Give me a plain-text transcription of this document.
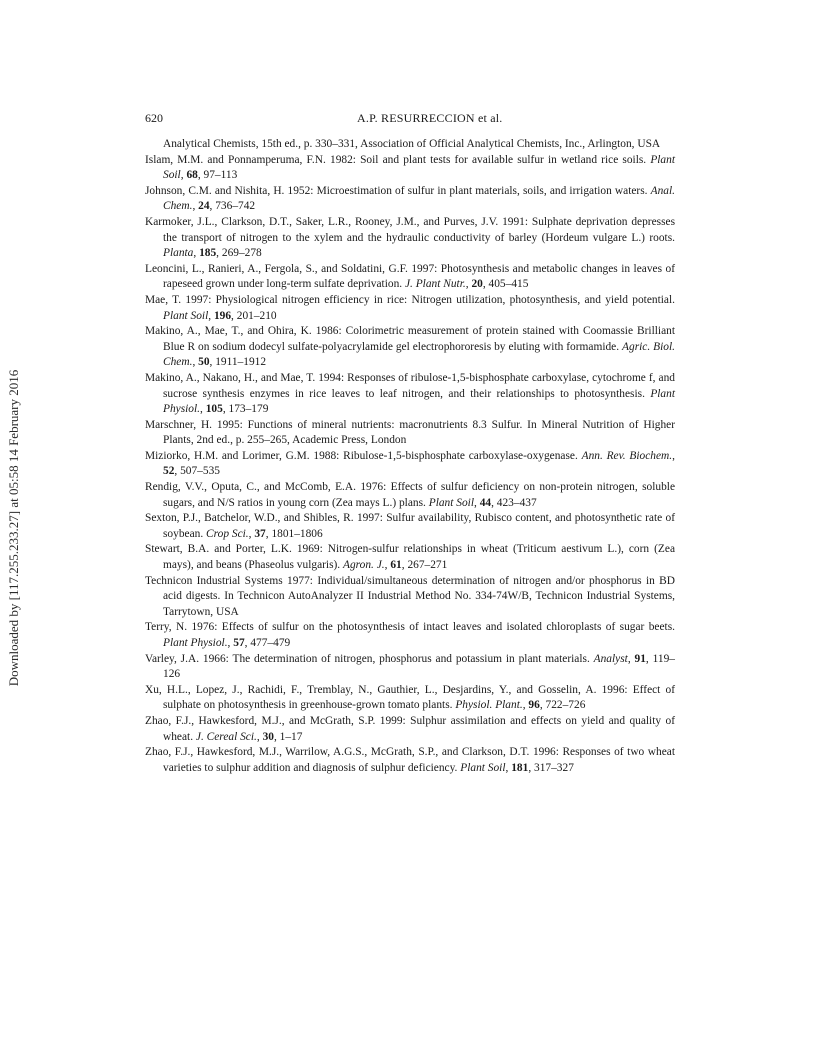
Downloaded by [117.255.233.27] at 05:58 14 February 2016
620	A.P. RESURRECCION et al.

Analytical Chemists, 15th ed., p. 330–331, Association of Official Analytical Chemists, Inc., Arlington, USA

Islam, M.M. and Ponnamperuma, F.N. 1982: Soil and plant tests for available sulfur in wetland rice soils. Plant Soil, 68, 97–113

Johnson, C.M. and Nishita, H. 1952: Microestimation of sulfur in plant materials, soils, and irrigation waters. Anal. Chem., 24, 736–742

Karmoker, J.L., Clarkson, D.T., Saker, L.R., Rooney, J.M., and Purves, J.V. 1991: Sulphate deprivation depresses the transport of nitrogen to the xylem and the hydraulic conductivity of barley (Hordeum vulgare L.) roots. Planta, 185, 269–278

Leoncini, L., Ranieri, A., Fergola, S., and Soldatini, G.F. 1997: Photosynthesis and metabolic changes in leaves of rapeseed grown under long-term sulfate deprivation. J. Plant Nutr., 20, 405–415

Mae, T. 1997: Physiological nitrogen efficiency in rice: Nitrogen utilization, photosynthesis, and yield potential. Plant Soil, 196, 201–210

Makino, A., Mae, T., and Ohira, K. 1986: Colorimetric measurement of protein stained with Coomassie Brilliant Blue R on sodium dodecyl sulfate-polyacrylamide gel electrophororesis by eluting with formamide. Agric. Biol. Chem., 50, 1911–1912

Makino, A., Nakano, H., and Mae, T. 1994: Responses of ribulose-1,5-bisphosphate carboxylase, cytochrome f, and sucrose synthesis enzymes in rice leaves to leaf nitrogen, and their relationships to photosynthesis. Plant Physiol., 105, 173–179

Marschner, H. 1995: Functions of mineral nutrients: macronutrients 8.3 Sulfur. In Mineral Nutrition of Higher Plants, 2nd ed., p. 255–265, Academic Press, London

Miziorko, H.M. and Lorimer, G.M. 1988: Ribulose-1,5-bisphosphate carboxylase-oxygenase. Ann. Rev. Biochem., 52, 507–535

Rendig, V.V., Oputa, C., and McComb, E.A. 1976: Effects of sulfur deficiency on non-protein nitrogen, soluble sugars, and N/S ratios in young corn (Zea mays L.) plans. Plant Soil, 44, 423–437

Sexton, P.J., Batchelor, W.D., and Shibles, R. 1997: Sulfur availability, Rubisco content, and photosynthetic rate of soybean. Crop Sci., 37, 1801–1806

Stewart, B.A. and Porter, L.K. 1969: Nitrogen-sulfur relationships in wheat (Triticum aestivum L.), corn (Zea mays), and beans (Phaseolus vulgaris). Agron. J., 61, 267–271

Technicon Industrial Systems 1977: Individual/simultaneous determination of nitrogen and/or phosphorus in BD acid digests. In Technicon AutoAnalyzer II Industrial Method No. 334-74W/B, Technicon Industrial Systems, Tarrytown, USA

Terry, N. 1976: Effects of sulfur on the photosynthesis of intact leaves and isolated chloroplasts of sugar beets. Plant Physiol., 57, 477–479

Varley, J.A. 1966: The determination of nitrogen, phosphorus and potassium in plant materials. Analyst, 91, 119–126

Xu, H.L., Lopez, J., Rachidi, F., Tremblay, N., Gauthier, L., Desjardins, Y., and Gosselin, A. 1996: Effect of sulphate on photosynthesis in greenhouse-grown tomato plants. Physiol. Plant., 96, 722–726

Zhao, F.J., Hawkesford, M.J., and McGrath, S.P. 1999: Sulphur assimilation and effects on yield and quality of wheat. J. Cereal Sci., 30, 1–17

Zhao, F.J., Hawkesford, M.J., Warrilow, A.G.S., McGrath, S.P., and Clarkson, D.T. 1996: Responses of two wheat varieties to sulphur addition and diagnosis of sulphur deficiency. Plant Soil, 181, 317–327
